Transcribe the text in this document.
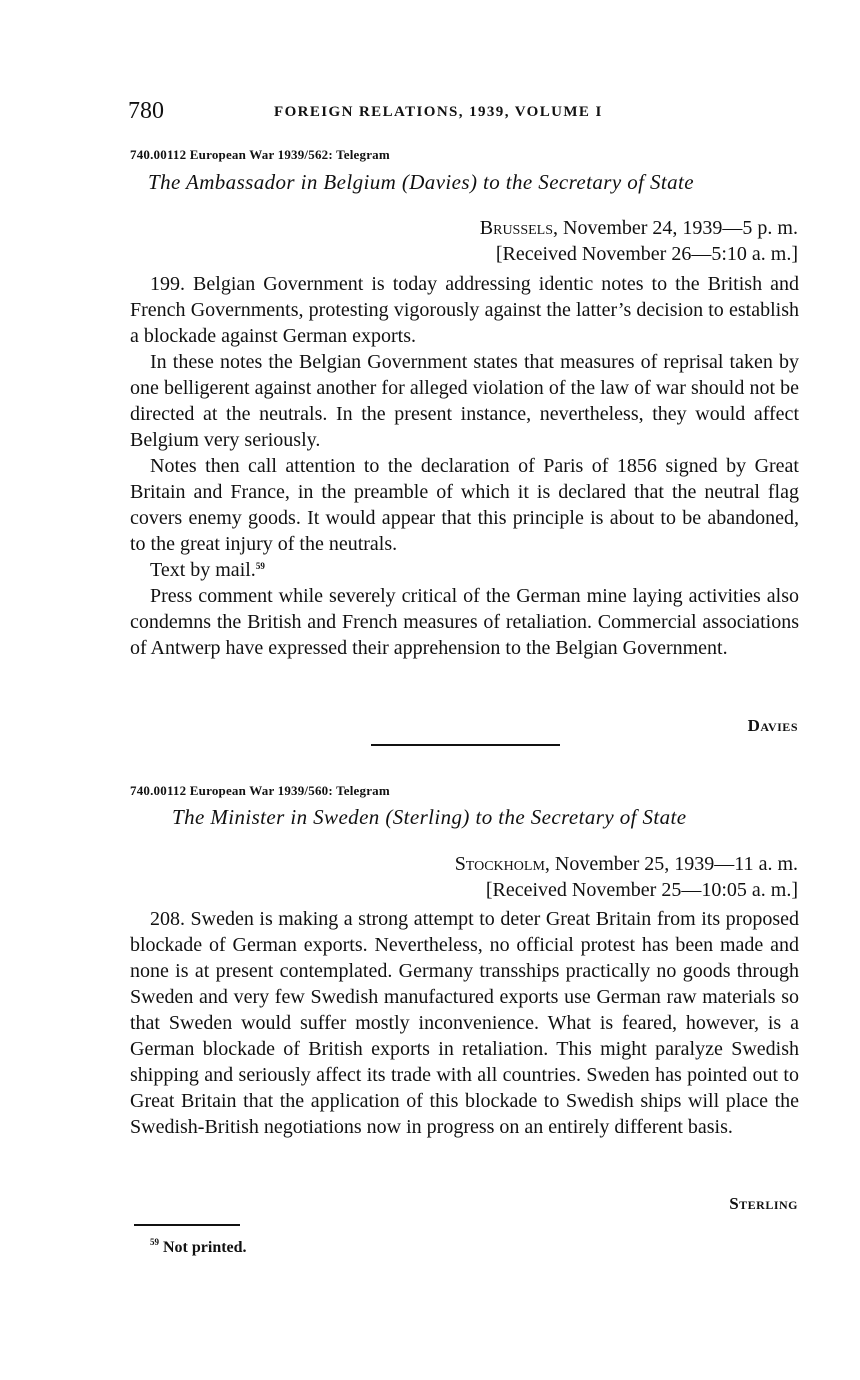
780	FOREIGN RELATIONS, 1939, VOLUME I
740.00112 European War 1939/562: Telegram
The Ambassador in Belgium (Davies) to the Secretary of State
Brussels, November 24, 1939—5 p. m.
[Received November 26—5:10 a. m.]

199. Belgian Government is today addressing identic notes to the British and French Governments, protesting vigorously against the latter’s decision to establish a blockade against German exports.

In these notes the Belgian Government states that measures of reprisal taken by one belligerent against another for alleged violation of the law of war should not be directed at the neutrals. In the present instance, nevertheless, they would affect Belgium very seriously.

Notes then call attention to the declaration of Paris of 1856 signed by Great Britain and France, in the preamble of which it is declared that the neutral flag covers enemy goods. It would appear that this principle is about to be abandoned, to the great injury of the neutrals.

Text by mail.$^{59}$

Press comment while severely critical of the German mine laying activities also condemns the British and French measures of retaliation. Commercial associations of Antwerp have expressed their apprehension to the Belgian Government.

Davies
740.00112 European War 1939/560: Telegram
The Minister in Sweden (Sterling) to the Secretary of State
Stockholm, November 25, 1939—11 a. m.
[Received November 25—10:05 a. m.]

208. Sweden is making a strong attempt to deter Great Britain from its proposed blockade of German exports. Nevertheless, no official protest has been made and none is at present contemplated. Germany transships practically no goods through Sweden and very few Swedish manufactured exports use German raw materials so that Sweden would suffer mostly inconvenience. What is feared, however, is a German blockade of British exports in retaliation. This might paralyze Swedish shipping and seriously affect its trade with all countries. Sweden has pointed out to Great Britain that the application of this blockade to Swedish ships will place the Swedish-British negotiations now in progress on an entirely different basis.

Sterling
$^{59}$ Not printed.
